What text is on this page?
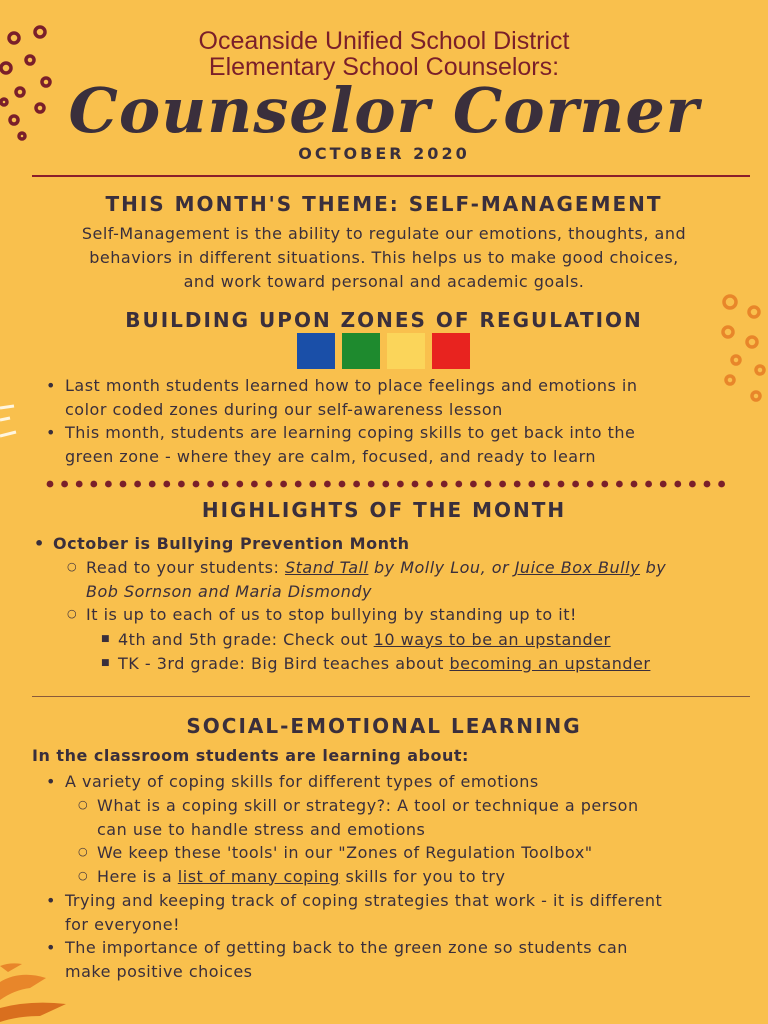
Oceanside Unified School District
Elementary School Counselors:
Counselor Corner
OCTOBER 2020
THIS MONTH'S THEME: SELF-MANAGEMENT
Self-Management is the ability to regulate our emotions, thoughts, and
behaviors in different situations. This helps us to make good choices,
and work toward personal and academic goals.
BUILDING UPON ZONES OF REGULATION
• Last month students learned how to place feelings and emotions in
color coded zones during our self-awareness lesson
• This month, students are learning coping skills to get back into the
green zone - where they are calm, focused, and ready to learn
HIGHLIGHTS OF THE MONTH
• October is Bullying Prevention Month
○ Read to your students: Stand Tall by Molly Lou, or Juice Box Bully by
Bob Sornson and Maria Dismondy
○ It is up to each of us to stop bullying by standing up to it!
■ 4th and 5th grade: Check out 10 ways to be an upstander
■ TK - 3rd grade: Big Bird teaches about becoming an upstander
SOCIAL-EMOTIONAL LEARNING
In the classroom students are learning about:
• A variety of coping skills for different types of emotions
○ What is a coping skill or strategy?: A tool or technique a person
can use to handle stress and emotions
○ We keep these 'tools' in our "Zones of Regulation Toolbox"
○ Here is a list of many coping skills for you to try
• Trying and keeping track of coping strategies that work - it is different
for everyone!
• The importance of getting back to the green zone so students can
make positive choices
